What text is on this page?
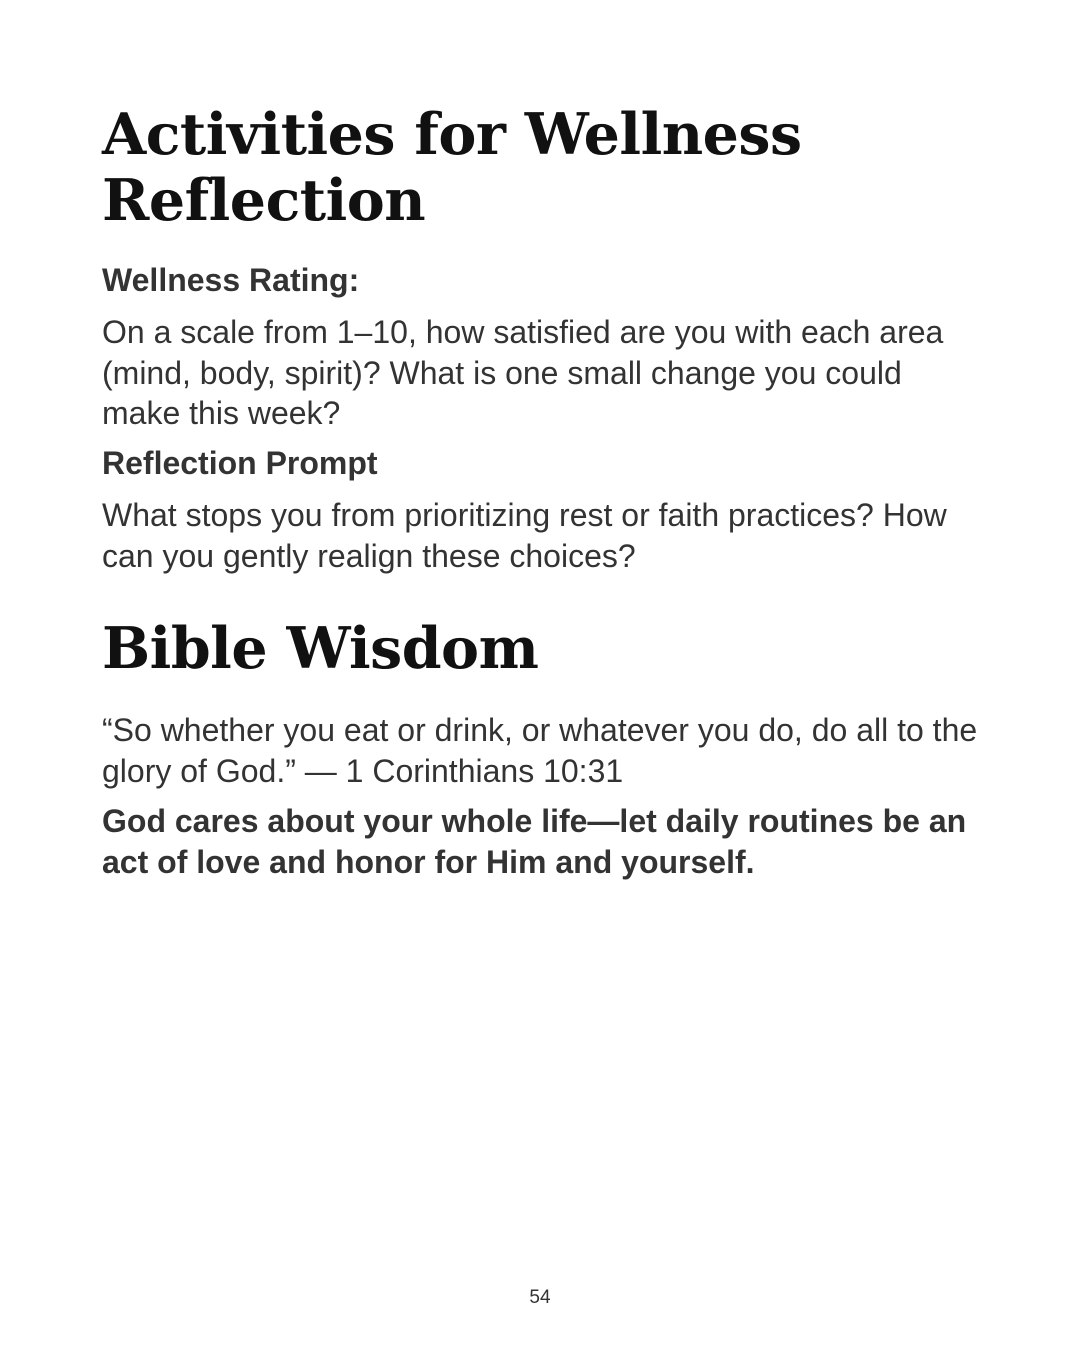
Activities for Wellness Reflection
Wellness Rating:

On a scale from 1–10, how satisfied are you with each area (mind, body, spirit)? What is one small change you could make this week?

Reflection Prompt

What stops you from prioritizing rest or faith practices? How can you gently realign these choices?

Bible Wisdom

“So whether you eat or drink, or whatever you do, do all to the glory of God.” — 1 Corinthians 10:31

God cares about your whole life—let daily routines be an act of love and honor for Him and yourself.

54
